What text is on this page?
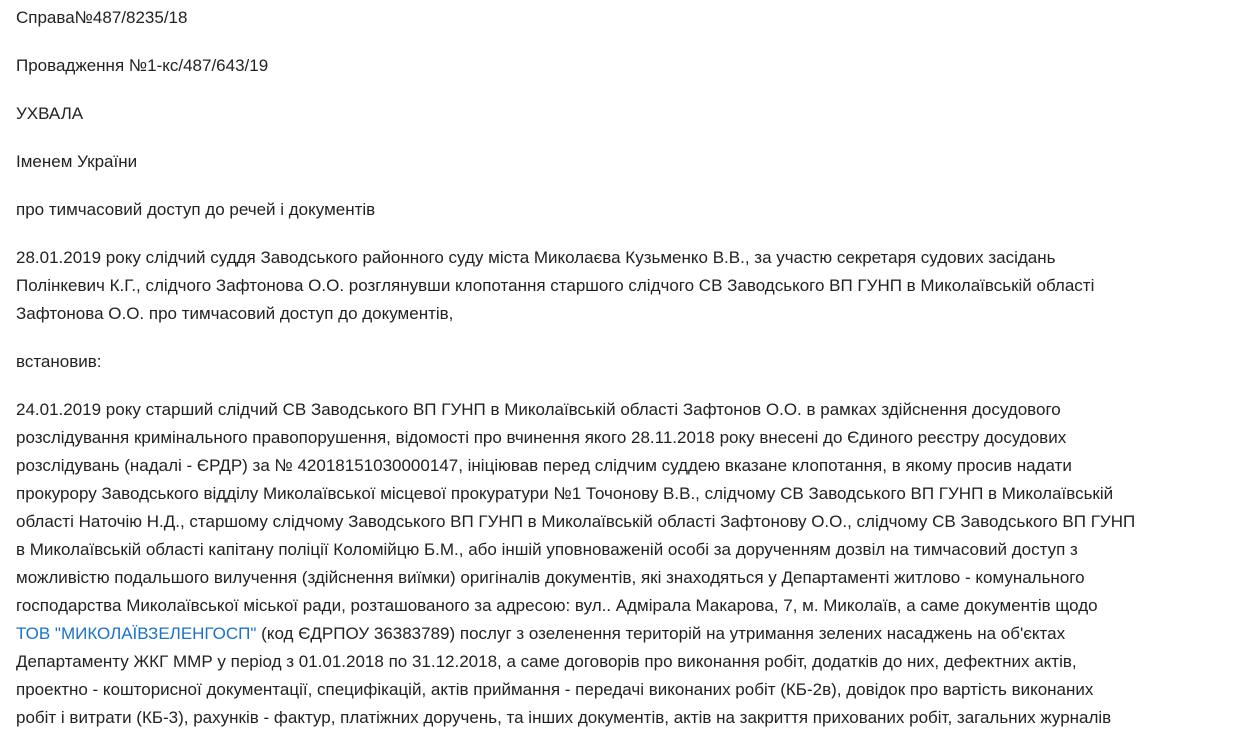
Справа№487/8235/18

Провадження №1-кс/487/643/19

УХВАЛА

Іменем України

про тимчасовий доступ до речей і документів

28.01.2019 року слідчий суддя Заводського районного суду міста Миколаєва Кузьменко В.В., за участю секретаря судових засідань
Полінкевич К.Г., слідчого Зафтонова О.О. розглянувши клопотання старшого слідчого СВ Заводського ВП ГУНП в Миколаївській області
Зафтонова О.О. про тимчасовий доступ до документів,

встановив:

24.01.2019 року старший слідчий СВ Заводського ВП ГУНП в Миколаївській області Зафтонов О.О. в рамках здійснення досудового
розслідування кримінального правопорушення, відомості про вчинення якого 28.11.2018 року внесені до Єдиного реєстру досудових
розслідувань (надалі - ЄРДР) за № 42018151030000147, ініціював перед слідчим суддею вказане клопотання, в якому просив надати
прокурору Заводського відділу Миколаївської місцевої прокуратури №1 Точонову В.В., слідчому СВ Заводського ВП ГУНП в Миколаївській
області Наточію Н.Д., старшому слідчому Заводського ВП ГУНП в Миколаївській області Зафтонову О.О., слідчому СВ Заводського ВП ГУНП
в Миколаївській області капітану поліції Коломійцю Б.М., або іншій уповноваженій особі за дорученням дозвіл на тимчасовий доступ з
можливістю подальшого вилучення (здійснення виїмки) оригіналів документів, які знаходяться у Департаменті житлово - комунального
господарства Миколаївської міської ради, розташованого за адресою: вул.. Адмірала Макарова, 7, м. Миколаїв, а саме документів щодо
ТОВ "МИКОЛАЇВЗЕЛЕНГОСП" (код ЄДРПОУ 36383789) послуг з озеленення територій на утримання зелених насаджень на об'єктах
Департаменту ЖКГ ММР у період з 01.01.2018 по 31.12.2018, а саме договорів про виконання робіт, додатків до них, дефектних актів,
проектно - кошторисної документації, специфікацій, актів приймання - передачі виконаних робіт (КБ-2в), довідок про вартість виконаних
робіт і витрати (КБ-3), рахунків - фактур, платіжних доручень, та інших документів, актів на закриття прихованих робіт, загальних журналів
